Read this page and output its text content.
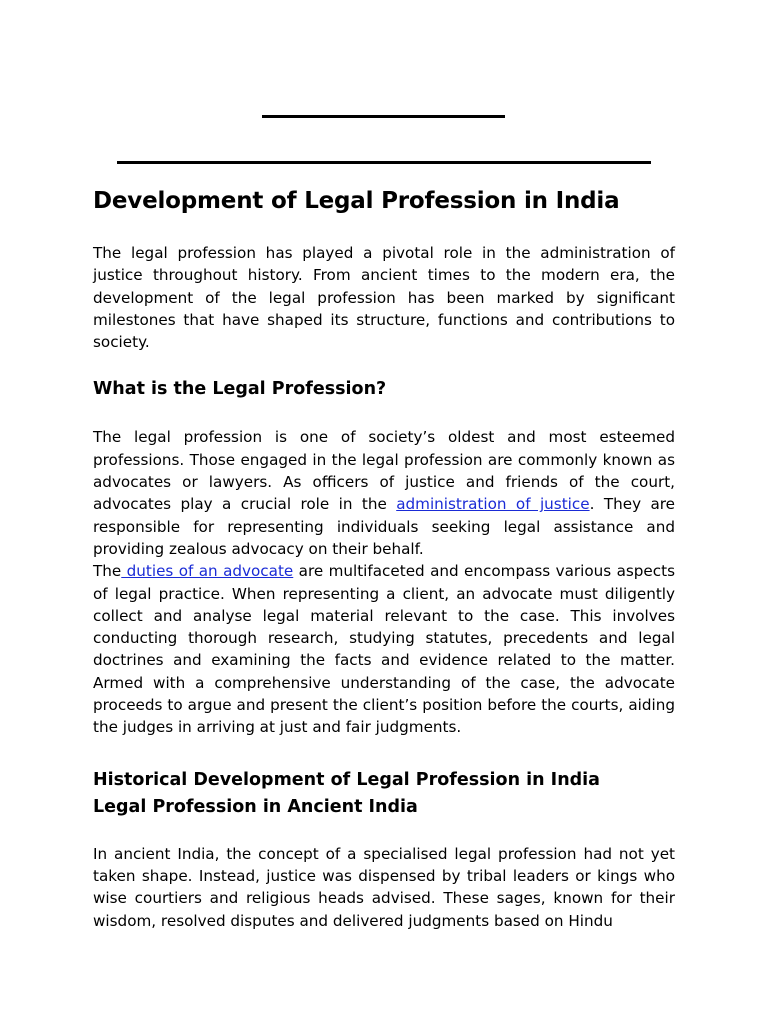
Development of Legal Profession in India

The legal profession has played a pivotal role in the administration of justice throughout history. From ancient times to the modern era, the development of the legal profession has been marked by significant milestones that have shaped its structure, functions and contributions to society.

What is the Legal Profession?

The legal profession is one of society’s oldest and most esteemed professions. Those engaged in the legal profession are commonly known as advocates or lawyers. As officers of justice and friends of the court, advocates play a crucial role in the administration of justice. They are responsible for representing individuals seeking legal assistance and providing zealous advocacy on their behalf.

The duties of an advocate are multifaceted and encompass various aspects of legal practice. When representing a client, an advocate must diligently collect and analyse legal material relevant to the case. This involves conducting thorough research, studying statutes, precedents and legal doctrines and examining the facts and evidence related to the matter. Armed with a comprehensive understanding of the case, the advocate proceeds to argue and present the client’s position before the courts, aiding the judges in arriving at just and fair judgments.

Historical Development of Legal Profession in India
Legal Profession in Ancient India

In ancient India, the concept of a specialised legal profession had not yet taken shape. Instead, justice was dispensed by tribal leaders or kings who wise courtiers and religious heads advised. These sages, known for their wisdom, resolved disputes and delivered judgments based on Hindu
